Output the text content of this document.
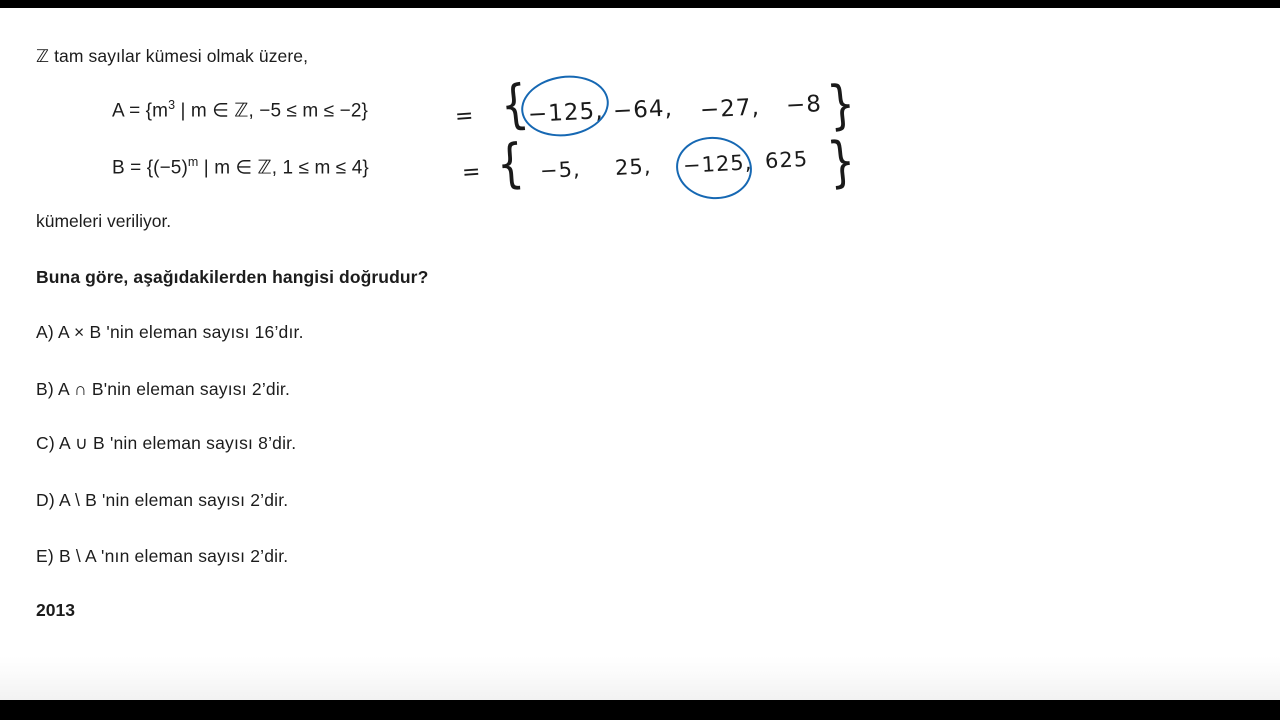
ℤ tam sayılar kümesi olmak üzere,
$A = \{m^3$ | m ∈ ℤ, −5 ≤ m ≤ −2}
$B = \{(-5)^m$ | m ∈ ℤ, 1 ≤ m ≤ 4}
kümeleri veriliyor.
Buna göre, aşağıdakilerden hangisi doğrudur?
A) A × B 'nin eleman sayısı 16’dır.
B) A ∩ B'nin eleman sayısı 2’dir.
C) A ∪ B 'nin eleman sayısı 8’dir.
D) A \ B 'nin eleman sayısı 2’dir.
E) B \ A 'nın eleman sayısı 2’dir.
2013
= {
−125, −64, −27, −8 }
= { −5, 25, −125, 625 }
